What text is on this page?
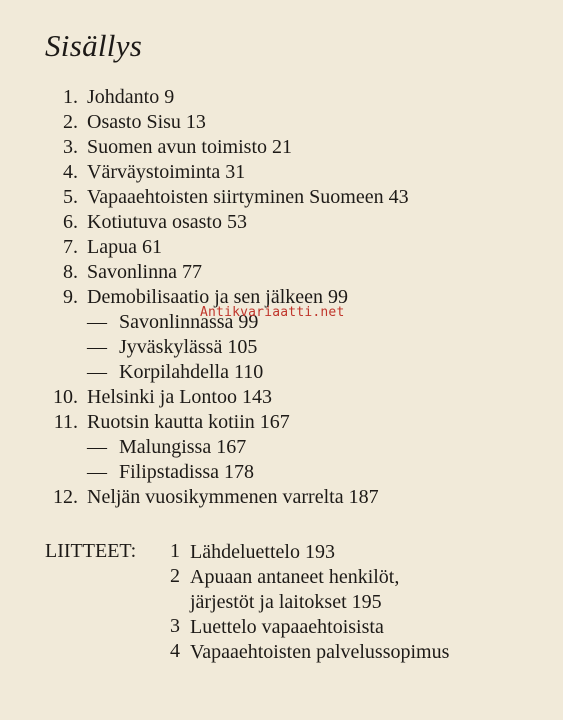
Sisällys
1. Johdanto 9
2. Osasto Sisu 13
3. Suomen avun toimisto 21
4. Värväystoiminta 31
5. Vapaaehtoisten siirtyminen Suomeen 43
6. Kotiutuva osasto 53
7. Lapua 61
8. Savonlinna 77
9. Demobilisaatio ja sen jälkeen 99
— Savonlinnassa 99
— Jyväskylässä 105
— Korpilahdella 110
10. Helsinki ja Lontoo 143
11. Ruotsin kautta kotiin 167
— Malungissa 167
— Filipstadissa 178
12. Neljän vuosikymmenen varrelta 187
LIITTEET: 1 Lähdeluettelo 193
2 Apuaan antaneet henkilöt,
järjestöt ja laitokset 195
3 Luettelo vapaaehtoisista
4 Vapaaehtoisten palvelussopimus
Antikvariaatti.net
